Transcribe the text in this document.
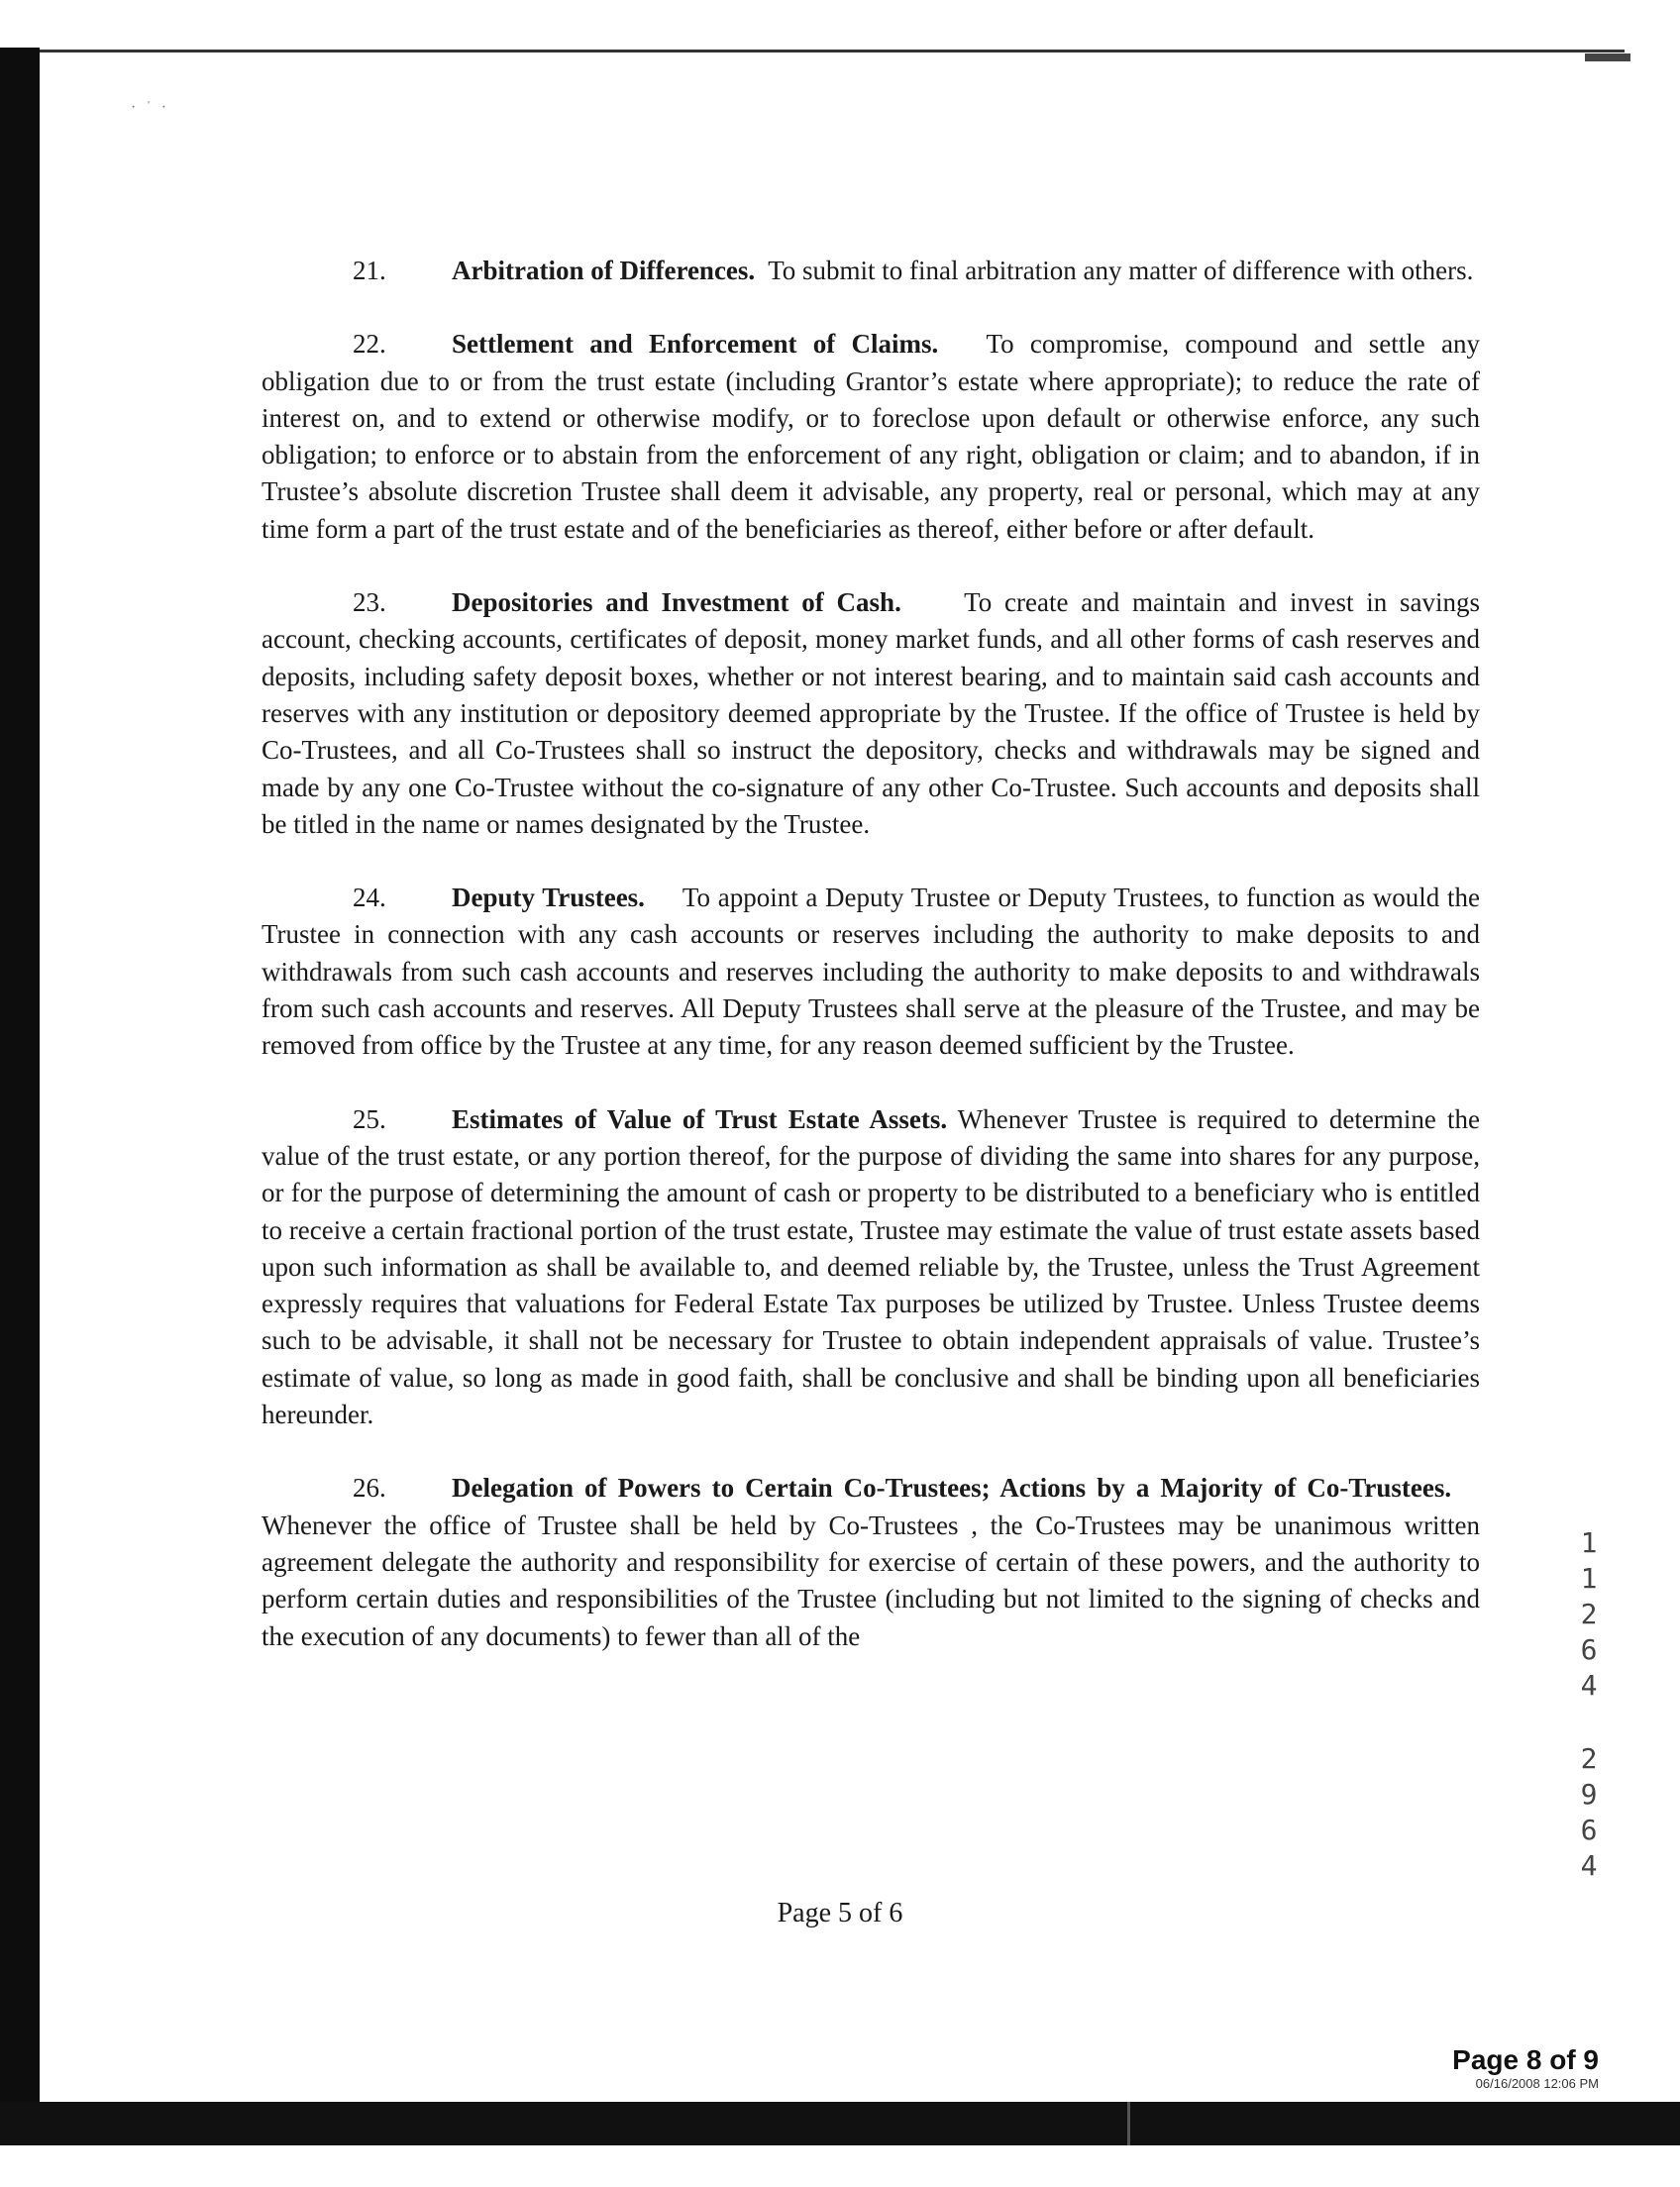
·ˈ·

21. Arbitration of Differences. To submit to final arbitration any matter of difference with others.

22. Settlement and Enforcement of Claims. To compromise, compound and settle any obligation due to or from the trust estate (including Grantor’s estate where appropriate); to reduce the rate of interest on, and to extend or otherwise modify, or to foreclose upon default or otherwise enforce, any such obligation; to enforce or to abstain from the enforcement of any right, obligation or claim; and to abandon, if in Trustee’s absolute discretion Trustee shall deem it advisable, any property, real or personal, which may at any time form a part of the trust estate and of the beneficiaries as thereof, either before or after default.

23. Depositories and Investment of Cash. To create and maintain and invest in savings account, checking accounts, certificates of deposit, money market funds, and all other forms of cash reserves and deposits, including safety deposit boxes, whether or not interest bearing, and to maintain said cash accounts and reserves with any institution or depository deemed appropriate by the Trustee. If the office of Trustee is held by Co-Trustees, and all Co-Trustees shall so instruct the depository, checks and withdrawals may be signed and made by any one Co-Trustee without the co-signature of any other Co-Trustee. Such accounts and deposits shall be titled in the name or names designated by the Trustee.

24. Deputy Trustees. To appoint a Deputy Trustee or Deputy Trustees, to function as would the Trustee in connection with any cash accounts or reserves including the authority to make deposits to and withdrawals from such cash accounts and reserves including the authority to make deposits to and withdrawals from such cash accounts and reserves. All Deputy Trustees shall serve at the pleasure of the Trustee, and may be removed from office by the Trustee at any time, for any reason deemed sufficient by the Trustee.

25. Estimates of Value of Trust Estate Assets. Whenever Trustee is required to determine the value of the trust estate, or any portion thereof, for the purpose of dividing the same into shares for any purpose, or for the purpose of determining the amount of cash or property to be distributed to a beneficiary who is entitled to receive a certain fractional portion of the trust estate, Trustee may estimate the value of trust estate assets based upon such information as shall be available to, and deemed reliable by, the Trustee, unless the Trust Agreement expressly requires that valuations for Federal Estate Tax purposes be utilized by Trustee. Unless Trustee deems such to be advisable, it shall not be necessary for Trustee to obtain independent appraisals of value. Trustee’s estimate of value, so long as made in good faith, shall be conclusive and shall be binding upon all beneficiaries hereunder.

26. Delegation of Powers to Certain Co-Trustees; Actions by a Majority of Co-Trustees.    Whenever the office of Trustee shall be held by Co-Trustees , the Co-Trustees may be unanimous written agreement delegate the authority and responsibility for exercise of certain of these powers, and the authority to perform certain duties and responsibilities of the Trustee (including but not limited to the signing of checks and the execution of any documents) to fewer than all of the

Page 5 of 6
1
1
2
6
4
2
9
6
4
Page 8 of 9
06/16/2008 12:06 PM
